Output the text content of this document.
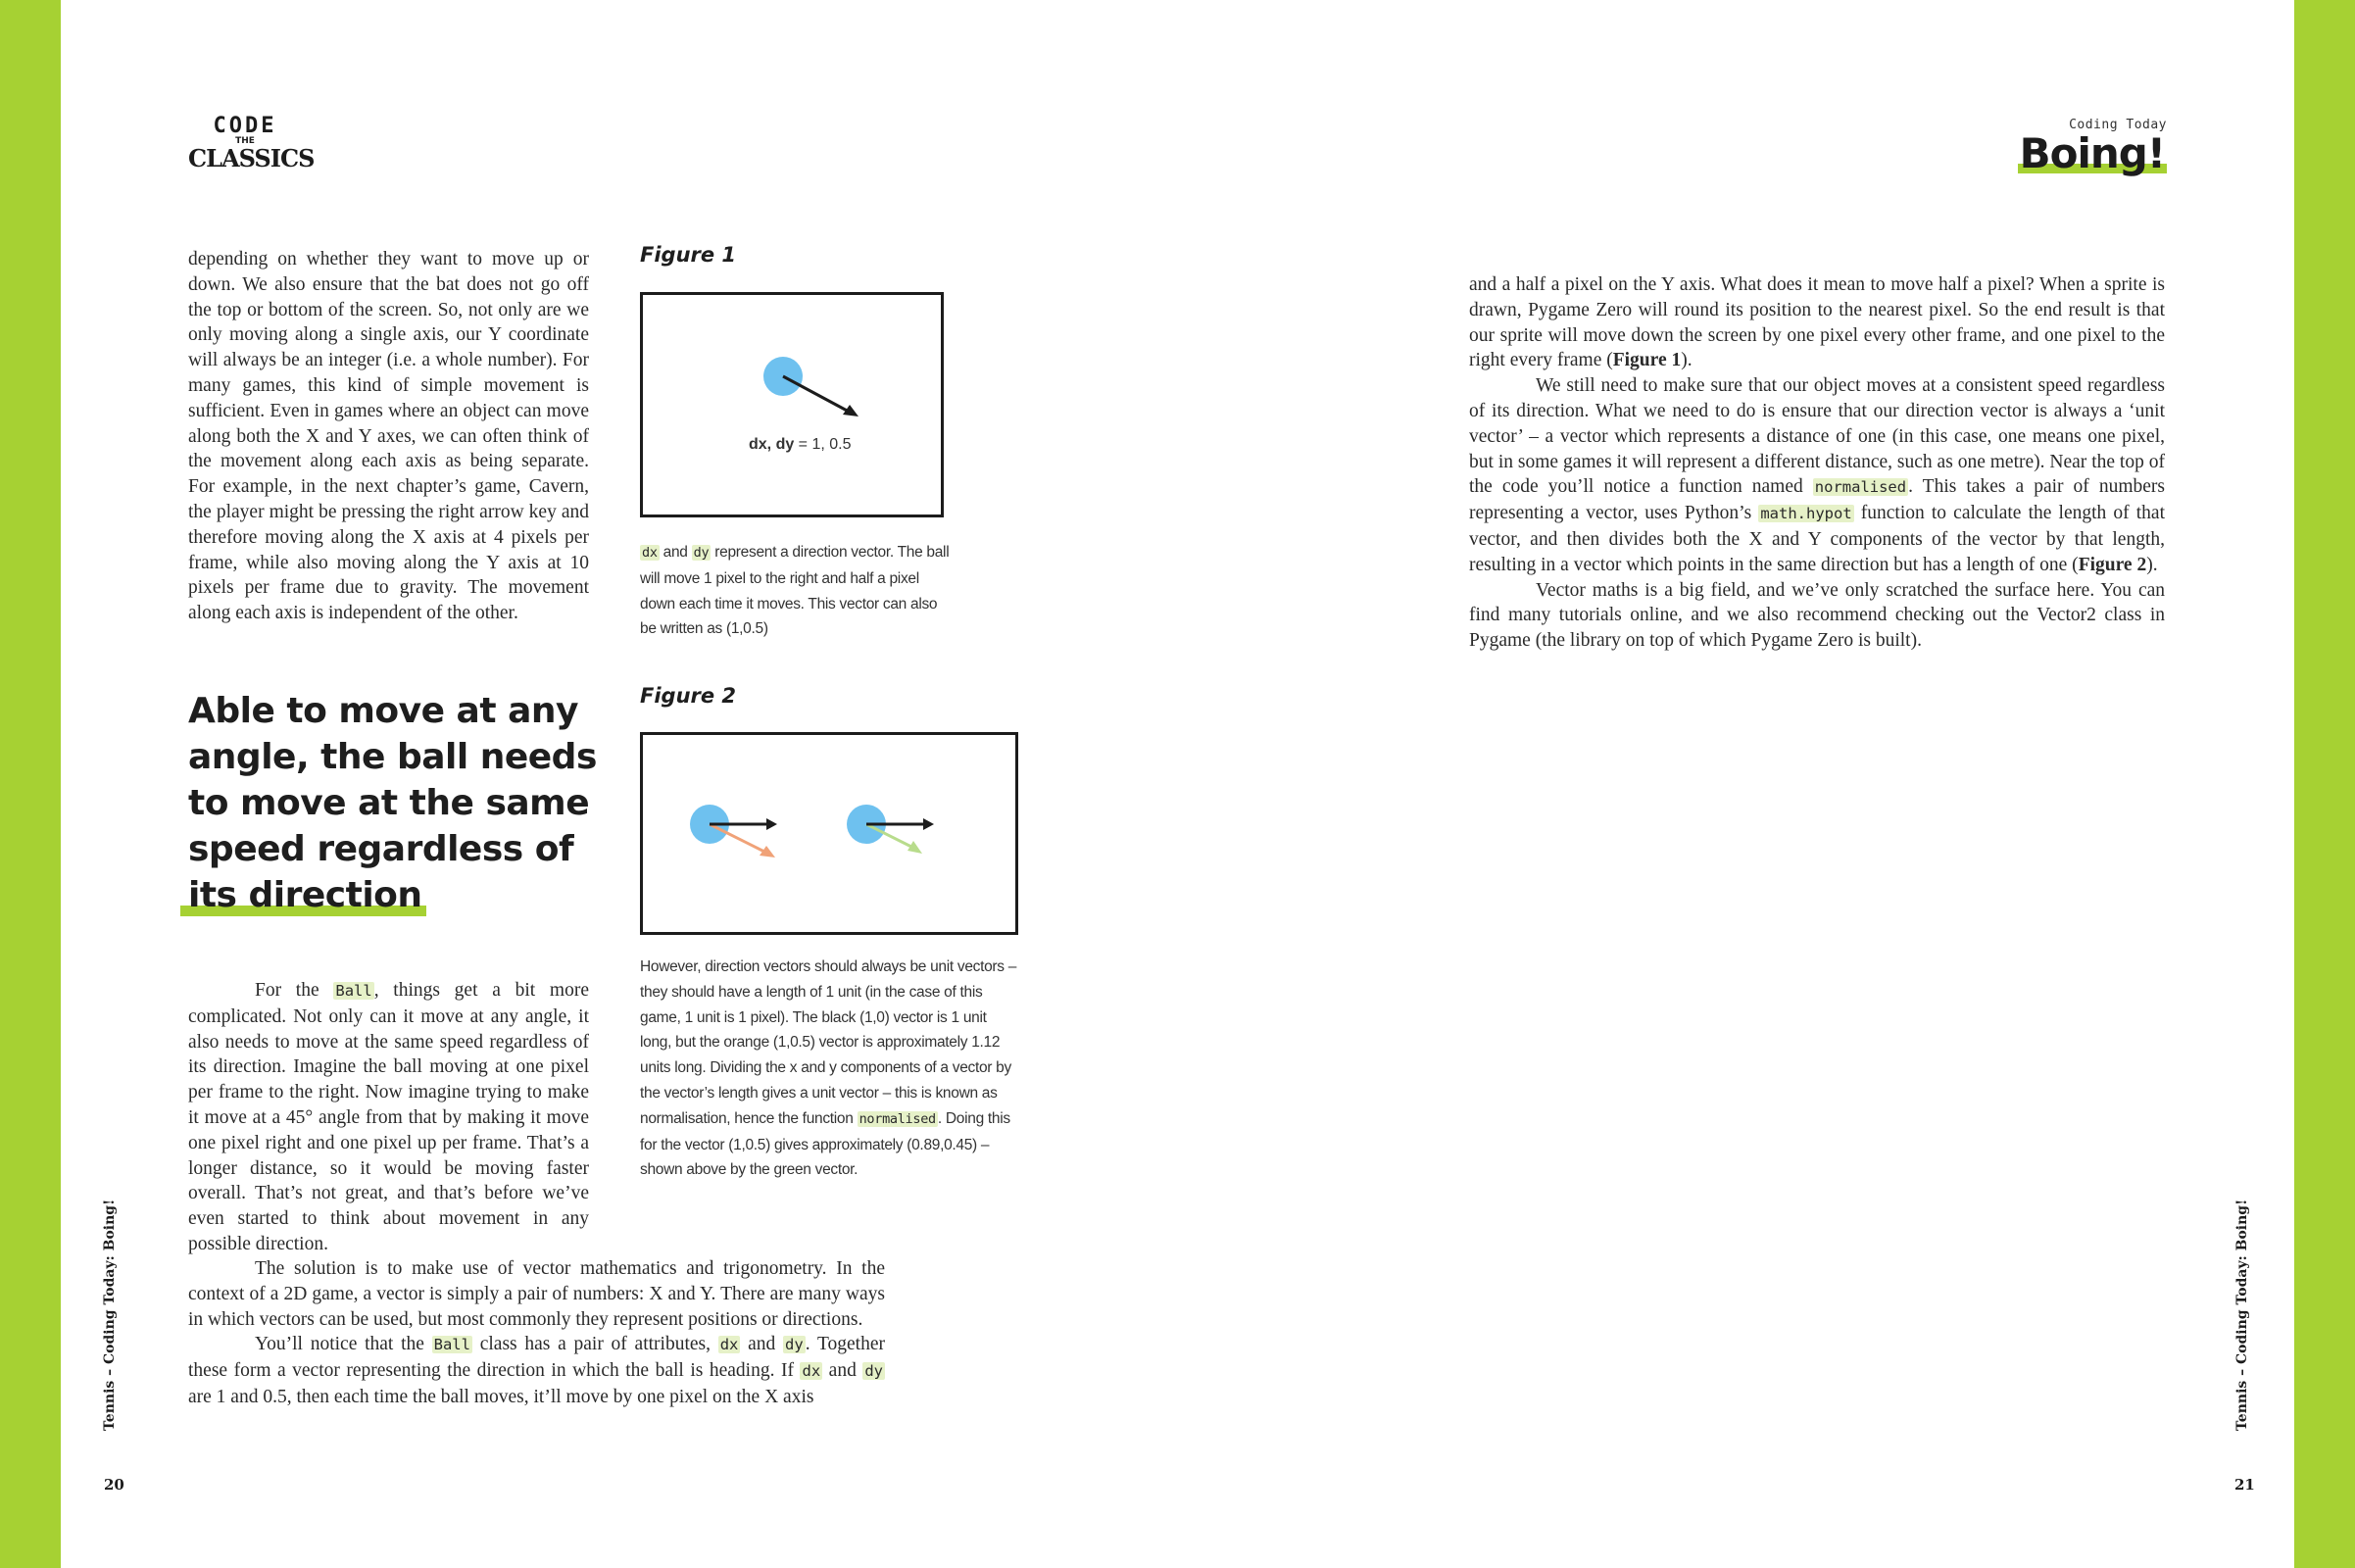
CODE
THE
CLASSICS
Coding Today
Boing!

depending on whether they want to move up or down. We also ensure that the bat does not go off the top or bottom of the screen. So, not only are we only moving along a single axis, our Y coordinate will always be an integer (i.e. a whole number). For many games, this kind of simple movement is sufficient. Even in games where an object can move along both the X and Y axes, we can often think of the movement along each axis as being separate. For example, in the next chapter’s game, Cavern, the player might be pressing the right arrow key and therefore moving along the X axis at 4 pixels per frame, while also moving along the Y axis at 10 pixels per frame due to gravity. The movement along each axis is independent of the other.

Able to move at any angle, the ball needs to move at the same speed regardless of its direction

For the Ball , things get a bit more complicated. Not only can it move at any angle, it also needs to move at the same speed regardless of its direction. Imagine the ball moving at one pixel per frame to the right. Now imagine trying to make it move at a 45° angle from that by making it move one pixel right and one pixel up per frame. That’s a longer distance, so it would be moving faster overall. That’s not great, and that’s before we’ve even started to think about movement in any possible direction.

The solution is to make use of vector mathematics and trigonometry. In the context of a 2D game, a vector is simply a pair of numbers: X and Y. There are many ways in which vectors can be used, but most commonly they represent positions or directions.

You’ll notice that the Ball class has a pair of attributes, dx and dy . Together these form a vector representing the direction in which the ball is heading. If dx and dy are 1 and 0.5, then each time the ball moves, it’ll move by one pixel on the X axis

Figure 1
dx, dy = 1, 0.5
dx and dy represent a direction vector. The ball will move 1 pixel to the right and half a pixel down each time it moves. This vector can also be written as (1,0.5)
Figure 2
However, direction vectors should always be unit vectors – they should have a length of 1 unit (in the case of this game, 1 unit is 1 pixel). The black (1,0) vector is 1 unit long, but the orange (1,0.5) vector is approximately 1.12 units long. Dividing the x and y components of a vector by the vector’s length gives a unit vector – this is known as normalisation, hence the function normalised . Doing this for the vector (1,0.5) gives approximately (0.89,0.45) – shown above by the green vector.

and a half a pixel on the Y axis. What does it mean to move half a pixel? When a sprite is drawn, Pygame Zero will round its position to the nearest pixel. So the end result is that our sprite will move down the screen by one pixel every other frame, and one pixel to the right every frame (Figure 1).

We still need to make sure that our object moves at a consistent speed regardless of its direction. What we need to do is ensure that our direction vector is always a ‘unit vector’ – a vector which represents a distance of one (in this case, one means one pixel, but in some games it will represent a different distance, such as one metre). Near the top of the code you’ll notice a function named normalised . This takes a pair of numbers representing a vector, uses Python’s math.hypot function to calculate the length of that vector, and then divides both the X and Y components of the vector by that length, resulting in a vector which points in the same direction but has a length of one (Figure 2).

Vector maths is a big field, and we’ve only scratched the surface here. You can find many tutorials online, and we also recommend checking out the Vector2 class in Pygame (the library on top of which Pygame Zero is built).

Tennis – Coding Today: Boing!	Tennis – Coding Today: Boing!
20	21
